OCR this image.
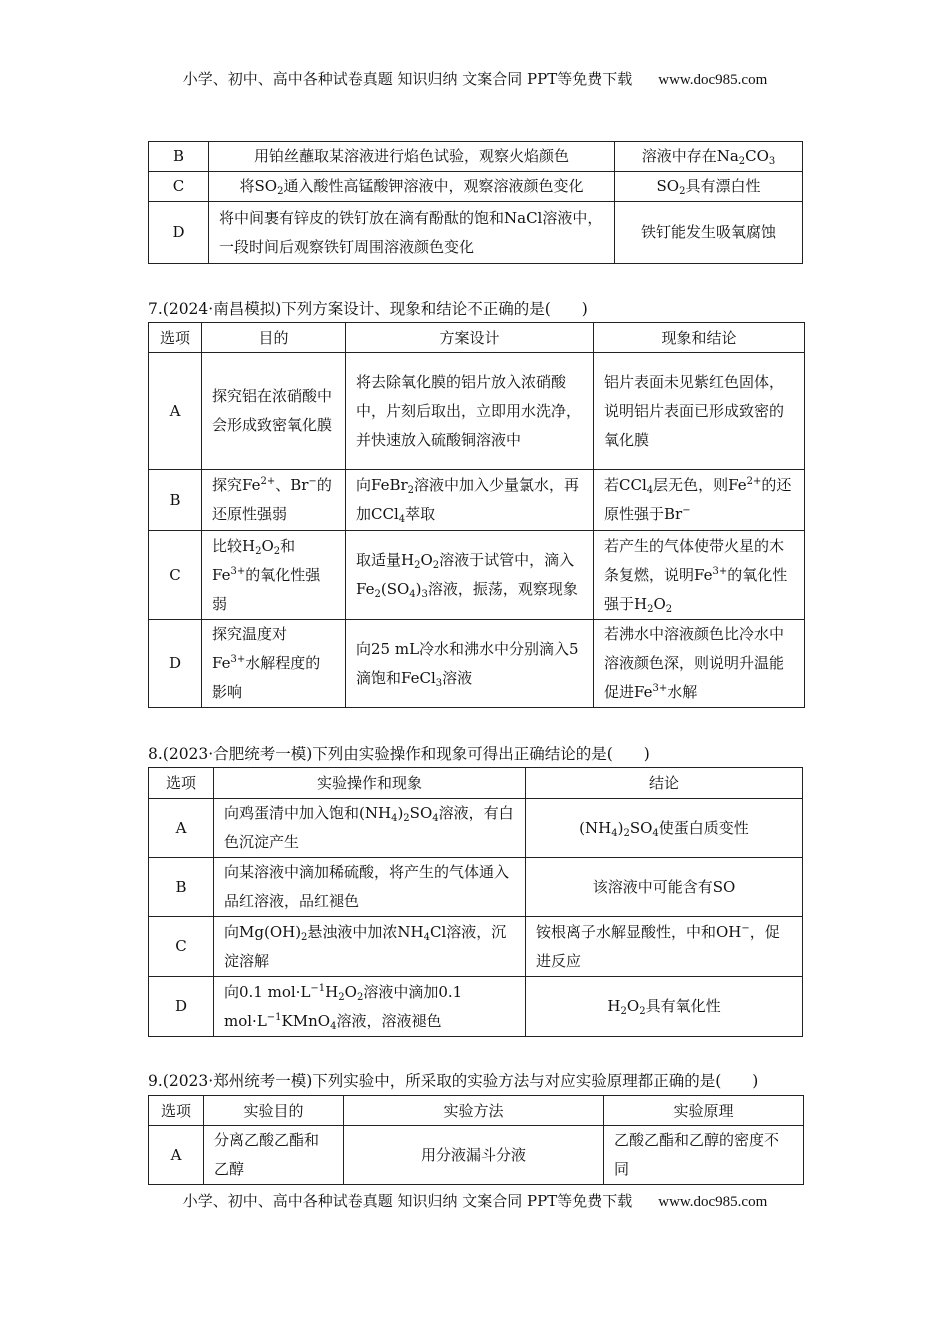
小学、初中、高中各种试卷真题 知识归纳 文案合同 PPT等免费下载 www.doc985.com
B	用铂丝蘸取某溶液进行焰色试验，观察火焰颜色	溶液中存在$Na_2CO_3$
C	将$SO_2$通入酸性高锰酸钾溶液中，观察溶液颜色变化	$SO_2$具有漂白性
D	将中间裹有锌皮的铁钉放在滴有酚酞的饱和NaCl溶液中，一段时间后观察铁钉周围溶液颜色变化	铁钉能发生吸氧腐蚀
7.(2024·南昌模拟)下列方案设计、现象和结论不正确的是(　　)
选项	目的	方案设计	现象和结论
A	探究铝在浓硝酸中会形成致密氧化膜	将去除氧化膜的铝片放入浓硝酸中，片刻后取出，立即用水洗净，并快速放入硫酸铜溶液中	铝片表面未见紫红色固体，说明铝片表面已形成致密的氧化膜
B	探究$Fe^{2+}$、Br−的还原性强弱	向FeBr$_2$溶液中加入少量氯水，再加CCl$_4$萃取	若CCl$_4$层无色，则$Fe^{2+}$的还原性强于Br−
C	比较$H_2O_2$和$Fe^{3+}$的氧化性强弱	取适量$H_2O_2$溶液于试管中，滴入$Fe_2(SO_4)_3$溶液，振荡，观察现象	若产生的气体使带火星的木条复燃，说明$Fe^{3+}$的氧化性强于$H_2O_2$
D	探究温度对$Fe^{3+}$水解程度的影响	向25 mL冷水和沸水中分别滴入5滴饱和FeCl$_3$溶液	若沸水中溶液颜色比冷水中溶液颜色深，则说明升温能促进$Fe^{3+}$水解
8.(2023·合肥统考一模)下列由实验操作和现象可得出正确结论的是(　　)
选项	实验操作和现象	结论
A	向鸡蛋清中加入饱和$(NH_4)_2SO_4$溶液，有白色沉淀产生	$(NH_4)_2SO_4$使蛋白质变性
B	向某溶液中滴加稀硫酸，将产生的气体通入品红溶液，品红褪色	该溶液中可能含有SO
C	向$Mg(OH)_2$悬浊液中加浓$NH_4Cl$溶液，沉淀溶解	铵根离子水解显酸性，中和OH−，促进反应
D	向0.1 $mol\cdot L^{-1}H_2O_2$溶液中滴加0.1 $mol\cdot L^{-1}KMnO_4$溶液，溶液褪色	$H_2O_2$具有氧化性
9.(2023·郑州统考一模)下列实验中，所采取的实验方法与对应实验原理都正确的是(　　)
选项	实验目的	实验方法	实验原理
A	分离乙酸乙酯和乙醇	用分液漏斗分液	乙酸乙酯和乙醇的密度不同
小学、初中、高中各种试卷真题 知识归纳 文案合同 PPT等免费下载 www.doc985.com
